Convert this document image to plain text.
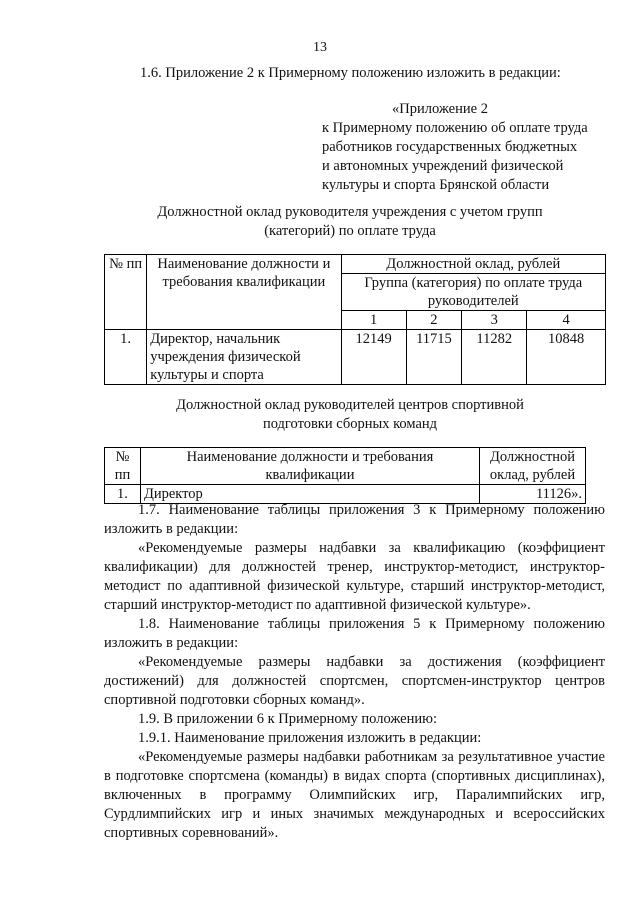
13
1.6. Приложение 2 к Примерному положению изложить в редакции:
«Приложение 2
к Примерному положению об оплате труда
работников государственных бюджетных
и автономных учреждений физической
культуры и спорта Брянской области
Должностной оклад руководителя учреждения с учетом групп
(категорий) по оплате труда
№ пп	Наименование должности и требования квалификации	Должностной оклад, рублей			
		Группа (категория) по оплате труда руководителей			
		1	2	3	4
1.	Директор, начальник учреждения физической культуры и спорта	12149	11715	11282	10848
Должностной оклад руководителей центров спортивной
подготовки сборных команд
№ пп	Наименование должности и требования квалификации	Должностной оклад, рублей
1.	Директор	11126».

1.7. Наименование таблицы приложения 3 к Примерному положению изложить в редакции:

«Рекомендуемые размеры надбавки за квалификацию (коэффициент квалификации) для должностей тренер, инструктор-методист, инструктор-методист по адаптивной физической культуре, старший инструктор-методист, старший инструктор-методист по адаптивной физической культуре».

1.8. Наименование таблицы приложения 5 к Примерному положению изложить в редакции:

«Рекомендуемые размеры надбавки за достижения (коэффициент достижений) для должностей спортсмен, спортсмен-инструктор центров спортивной подготовки сборных команд».

1.9. В приложении 6 к Примерному положению:

1.9.1. Наименование приложения изложить в редакции:

«Рекомендуемые размеры надбавки работникам за результативное участие в подготовке спортсмена (команды) в видах спорта (спортивных дисциплинах), включенных в программу Олимпийских игр, Паралимпийских игр, Сурдлимпийских игр и иных значимых международных и всероссийских спортивных соревнований».
